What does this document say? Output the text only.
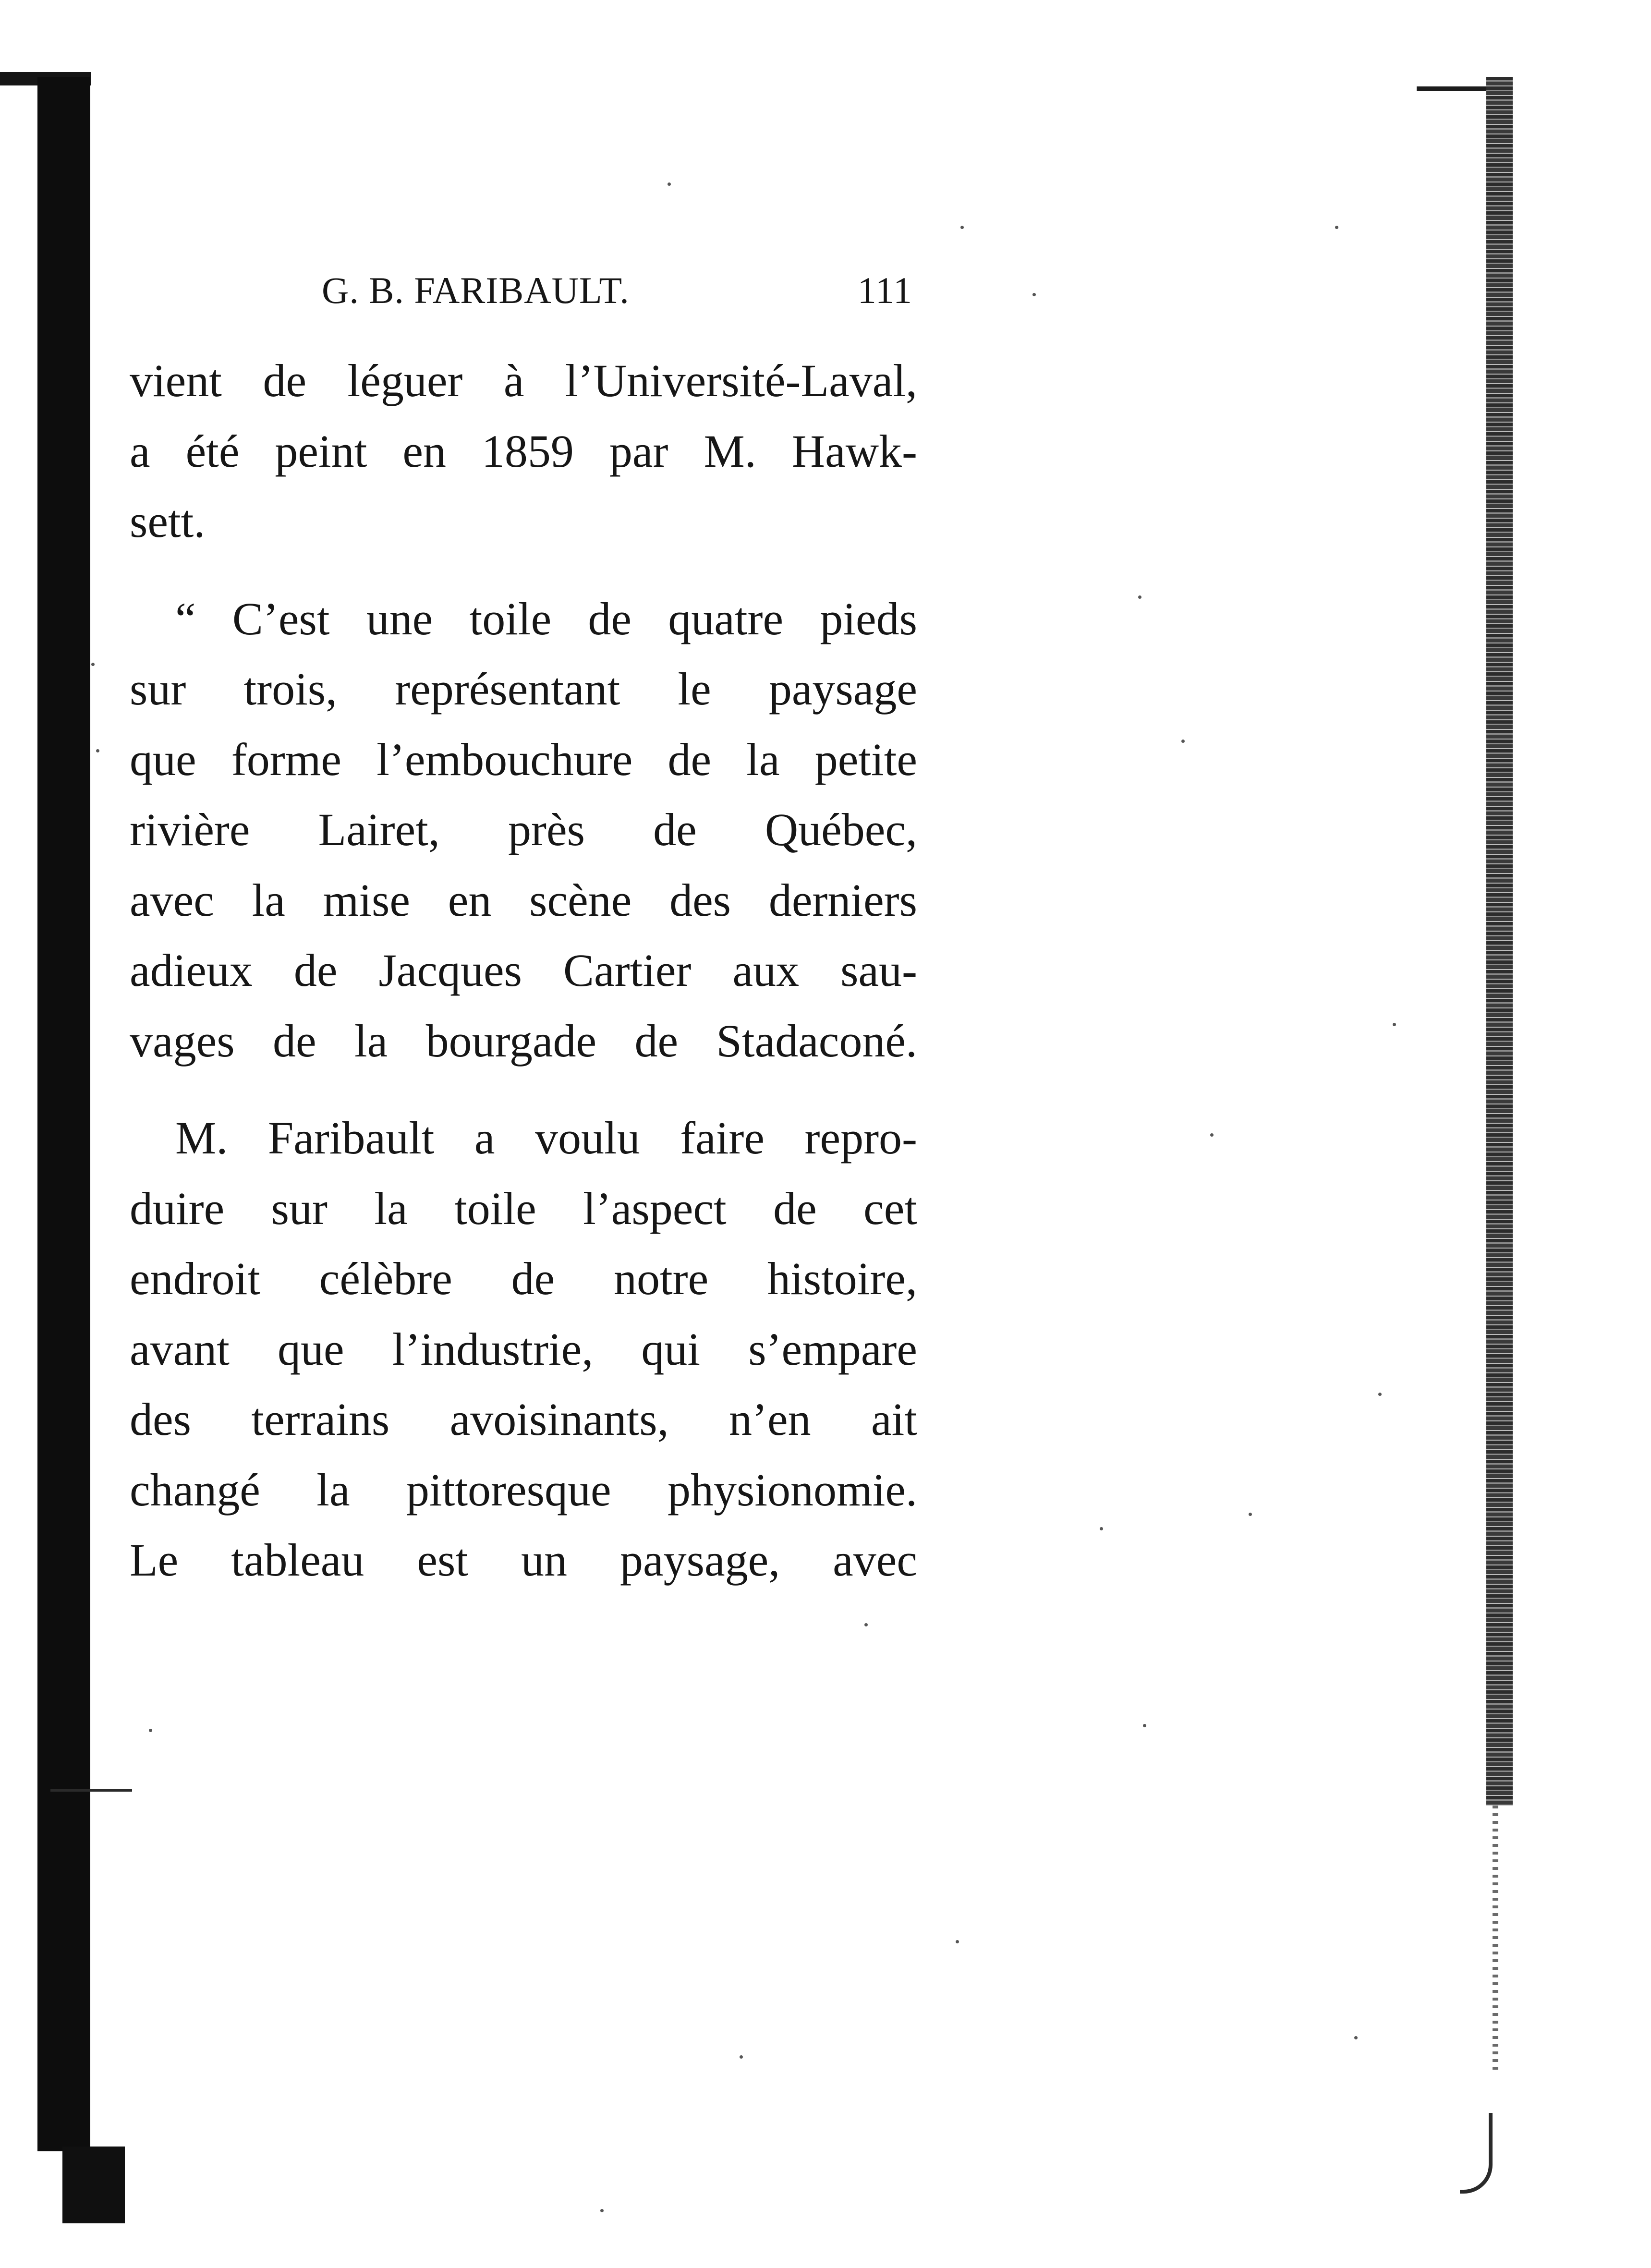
G. B. FARIBAULT.	111
vient de léguer à l’Université-Laval,
a été peint en 1859 par M. Hawk-
sett.
“ C’est une toile de quatre pieds
sur trois, représentant le paysage
que forme l’embouchure de la petite
rivière Lairet, près de Québec,
avec la mise en scène des derniers
adieux de Jacques Cartier aux sau-
vages de la bourgade de Stadaconé.
M. Faribault a voulu faire repro-
duire sur la toile l’aspect de cet
endroit célèbre de notre histoire,
avant que l’industrie, qui s’empare
des terrains avoisinants, n’en ait
changé la pittoresque physionomie.
Le tableau est un paysage, avec
